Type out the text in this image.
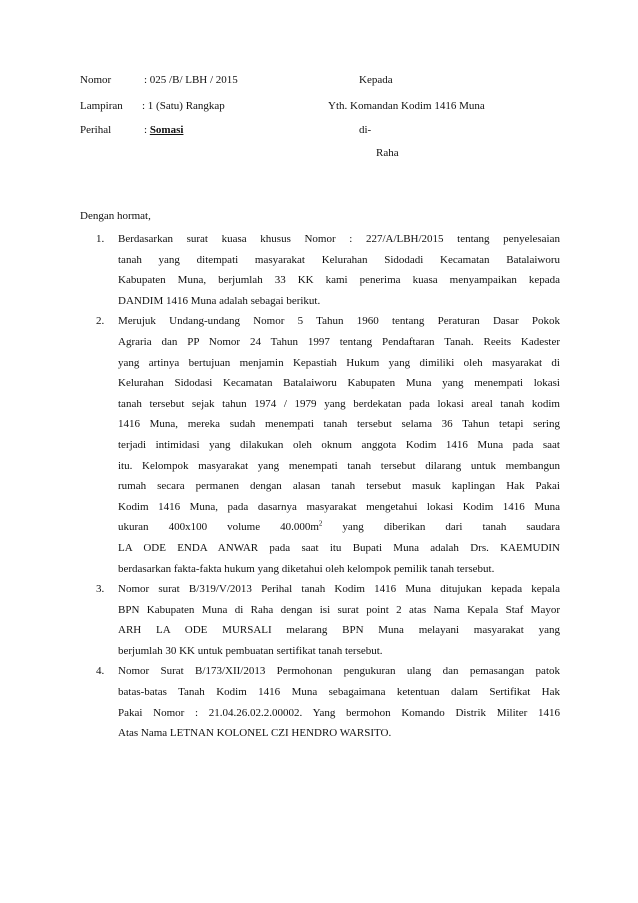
Nomor	: 025 /B/ LBH / 2015	Kepada
Lampiran : 1 (Satu) Rangkap	Yth. Komandan Kodim 1416 Muna
Perihal	: Somasi	di-
Raha
Dengan hormat,
1. Berdasarkan surat kuasa khusus Nomor : 227/A/LBH/2015 tentang penyelesaian
tanah yang ditempati masyarakat Kelurahan Sidodadi Kecamatan Batalaiworu
Kabupaten Muna, berjumlah 33 KK kami penerima kuasa menyampaikan kepada
DANDIM 1416 Muna adalah sebagai berikut.
2. Merujuk Undang-undang Nomor 5 Tahun 1960 tentang Peraturan Dasar Pokok
Agraria dan PP Nomor 24 Tahun 1997 tentang Pendaftaran Tanah. Reeits Kadester
yang artinya bertujuan menjamin Kepastiah Hukum yang dimiliki oleh masyarakat di
Kelurahan Sidodasi Kecamatan Batalaiworu Kabupaten Muna yang menempati lokasi
tanah tersebut sejak tahun 1974 / 1979 yang berdekatan pada lokasi areal tanah kodim
1416 Muna, mereka sudah menempati tanah tersebut selama 36 Tahun tetapi sering
terjadi intimidasi yang dilakukan oleh oknum anggota Kodim 1416 Muna pada saat
itu. Kelompok masyarakat yang menempati tanah tersebut dilarang untuk membangun
rumah secara permanen dengan alasan tanah tersebut masuk kaplingan Hak Pakai
Kodim 1416 Muna, pada dasarnya masyarakat mengetahui lokasi Kodim 1416 Muna
ukuran 400x100 volume $40.000m^2$ yang diberikan dari tanah saudara
LA ODE ENDA ANWAR pada saat itu Bupati Muna adalah Drs. KAEMUDIN
berdasarkan fakta-fakta hukum yang diketahui oleh kelompok pemilik tanah tersebut.
3. Nomor surat B/319/V/2013 Perihal tanah Kodim 1416 Muna ditujukan kepada kepala
BPN Kabupaten Muna di Raha dengan isi surat point 2 atas Nama Kepala Staf Mayor
ARH LA ODE MURSALI melarang BPN Muna melayani masyarakat yang
berjumlah 30 KK untuk pembuatan sertifikat tanah tersebut.
4. Nomor Surat B/173/XII/2013 Permohonan pengukuran ulang dan pemasangan patok
batas-batas Tanah Kodim 1416 Muna sebagaimana ketentuan dalam Sertifikat Hak
Pakai Nomor : 21.04.26.02.2.00002. Yang bermohon Komando Distrik Militer 1416
Atas Nama LETNAN KOLONEL CZI HENDRO WARSITO.
